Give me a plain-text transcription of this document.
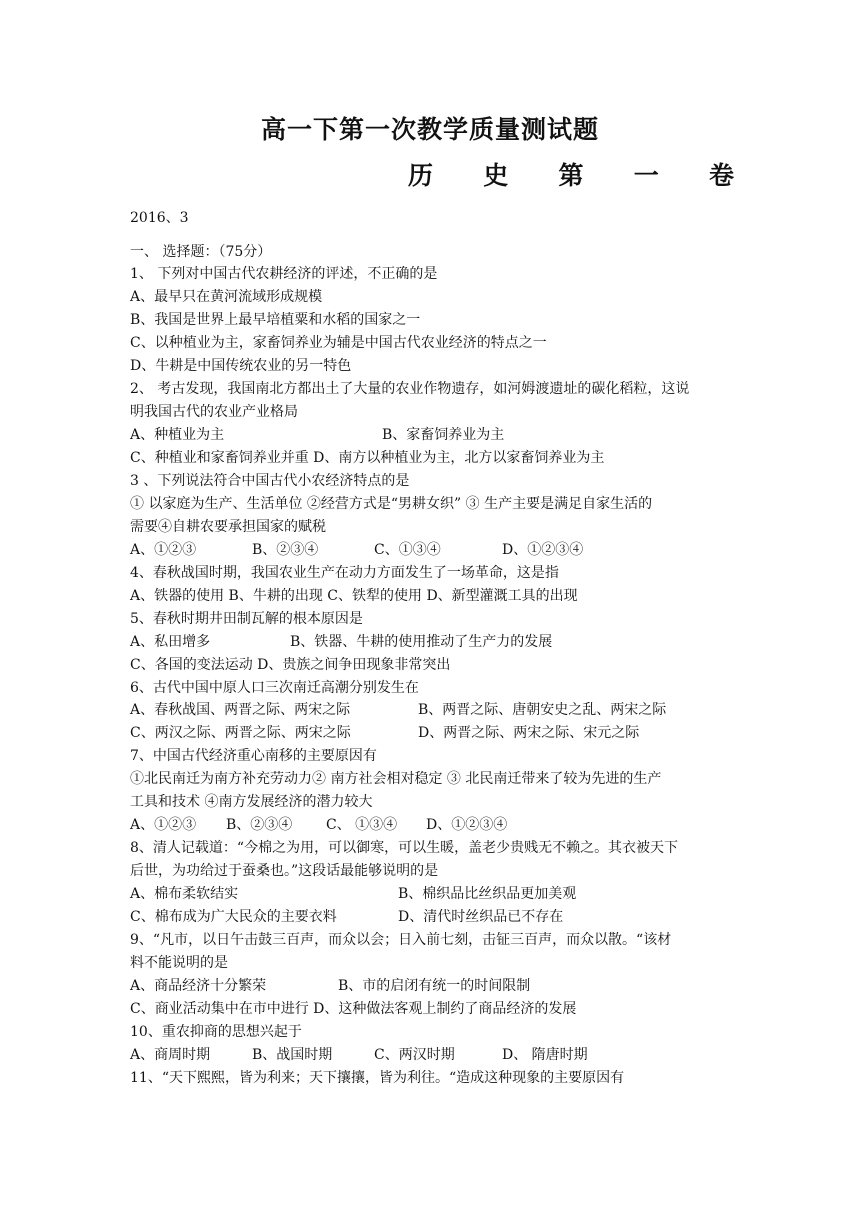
高一下第一次教学质量测试题
历 史 第 一 卷
2016、3
一、 选择题：（75分）
1、 下列对中国古代农耕经济的评述，不正确的是
A、最早只在黄河流域形成规模
B、我国是世界上最早培植粟和水稻的国家之一
C、以种植业为主，家畜饲养业为辅是中国古代农业经济的特点之一
D、牛耕是中国传统农业的另一特色
2、 考古发现，我国南北方都出土了大量的农业作物遗存，如河姆渡遗址的碳化稻粒，这说
明我国古代的农业产业格局
A、种植业为主	B、家畜饲养业为主
C、种植业和家畜饲养业并重 D、南方以种植业为主，北方以家畜饲养业为主
3 、下列说法符合中国古代小农经济特点的是
① 以家庭为生产、生活单位 ②经营方式是“男耕女织” ③ 生产主要是满足自家生活的
需要④自耕农要承担国家的赋税
A、①②③	B、②③④	C、①③④	D、①②③④
4、春秋战国时期，我国农业生产在动力方面发生了一场革命，这是指
A、铁器的使用 B、牛耕的出现 C、铁犁的使用 D、新型灌溉工具的出现
5、春秋时期井田制瓦解的根本原因是
A、私田增多	B、铁器、牛耕的使用推动了生产力的发展
C、各国的变法运动 D、贵族之间争田现象非常突出
6、古代中国中原人口三次南迁高潮分别发生在
A、春秋战国、两晋之际、两宋之际	B、两晋之际、唐朝安史之乱、两宋之际
C、两汉之际、两晋之际、两宋之际	D、两晋之际、两宋之际、宋元之际
7、中国古代经济重心南移的主要原因有
①北民南迁为南方补充劳动力② 南方社会相对稳定 ③ 北民南迁带来了较为先进的生产
工具和技术 ④南方发展经济的潜力较大
A、①②③ B、②③④ C、 ①③④ D、①②③④
8、清人记载道：“今棉之为用，可以御寒，可以生暖，盖老少贵贱无不赖之。其衣被天下
后世，为功给过于蚕桑也。”这段话最能够说明的是
A、棉布柔软结实	B、棉织品比丝织品更加美观
C、棉布成为广大民众的主要衣料	D、清代时丝织品已不存在
9、“凡市，以日午击鼓三百声，而众以会；日入前七刻，击钲三百声，而众以散。“该材
料不能说明的是
A、商品经济十分繁荣	B、市的启闭有统一的时间限制
C、商业活动集中在市中进行 D、这种做法客观上制约了商品经济的发展
10、重农抑商的思想兴起于
A、商周时期	B、战国时期	C、两汉时期	D、 隋唐时期
11、“天下熙熙，皆为利来；天下攘攘，皆为利往。“造成这种现象的主要原因有
